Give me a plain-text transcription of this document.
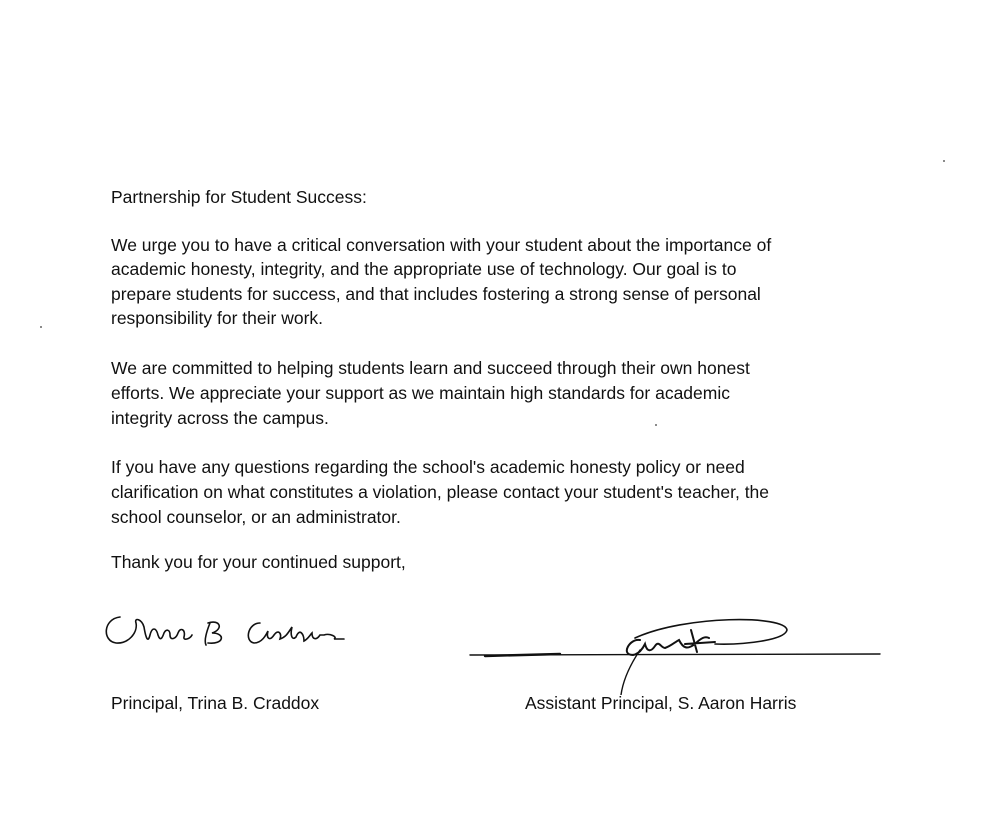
Partnership for Student Success:
We urge you to have a critical conversation with your student about the importance of
academic honesty, integrity, and the appropriate use of technology. Our goal is to
prepare students for success, and that includes fostering a strong sense of personal
responsibility for their work.
We are committed to helping students learn and succeed through their own honest
efforts. We appreciate your support as we maintain high standards for academic
integrity across the campus.
If you have any questions regarding the school's academic honesty policy or need
clarification on what constitutes a violation, please contact your student's teacher, the
school counselor, or an administrator.
Thank you for your continued support,
Principal, Trina B. Craddox	Assistant Principal, S. Aaron Harris
